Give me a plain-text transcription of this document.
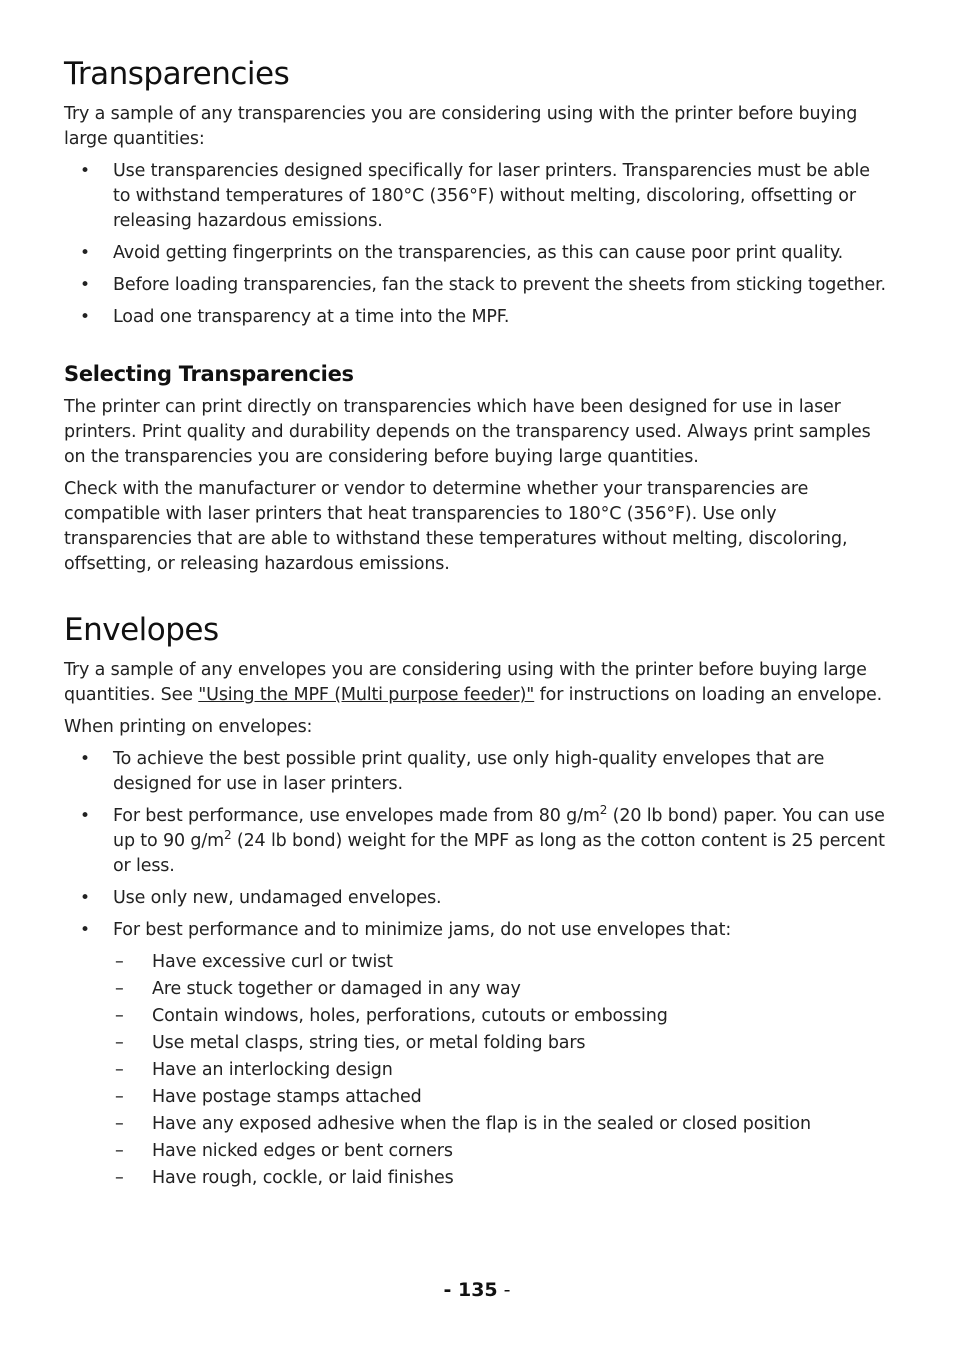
Transparencies

Try a sample of any transparencies you are considering using with the printer before buying large quantities:

• Use transparencies designed specifically for laser printers. Transparencies must be able to withstand temperatures of 180°C (356°F) without melting, discoloring, offsetting or releasing hazardous emissions.
• Avoid getting fingerprints on the transparencies, as this can cause poor print quality.
• Before loading transparencies, fan the stack to prevent the sheets from sticking together.
• Load one transparency at a time into the MPF.
Selecting Transparencies

The printer can print directly on transparencies which have been designed for use in laser printers. Print quality and durability depends on the transparency used. Always print samples on the transparencies you are considering before buying large quantities.

Check with the manufacturer or vendor to determine whether your transparencies are compatible with laser printers that heat transparencies to 180°C (356°F). Use only transparencies that are able to withstand these temperatures without melting, discoloring, offsetting, or releasing hazardous emissions.

Envelopes

Try a sample of any envelopes you are considering using with the printer before buying large quantities. See "Using the MPF (Multi purpose feeder)" for instructions on loading an envelope.

When printing on envelopes:

• To achieve the best possible print quality, use only high-quality envelopes that are designed for use in laser printers.
• For best performance, use envelopes made from 80 $g/m^2$ (20 lb bond) paper. You can use up to 90 $g/m^2$ (24 lb bond) weight for the MPF as long as the cotton content is 25 percent or less.
• Use only new, undamaged envelopes.
• For best performance and to minimize jams, do not use envelopes that:
– Have excessive curl or twist
– Are stuck together or damaged in any way
– Contain windows, holes, perforations, cutouts or embossing
– Use metal clasps, string ties, or metal folding bars
– Have an interlocking design
– Have postage stamps attached
– Have any exposed adhesive when the flap is in the sealed or closed position
– Have nicked edges or bent corners
– Have rough, cockle, or laid finishes
- 135 -
